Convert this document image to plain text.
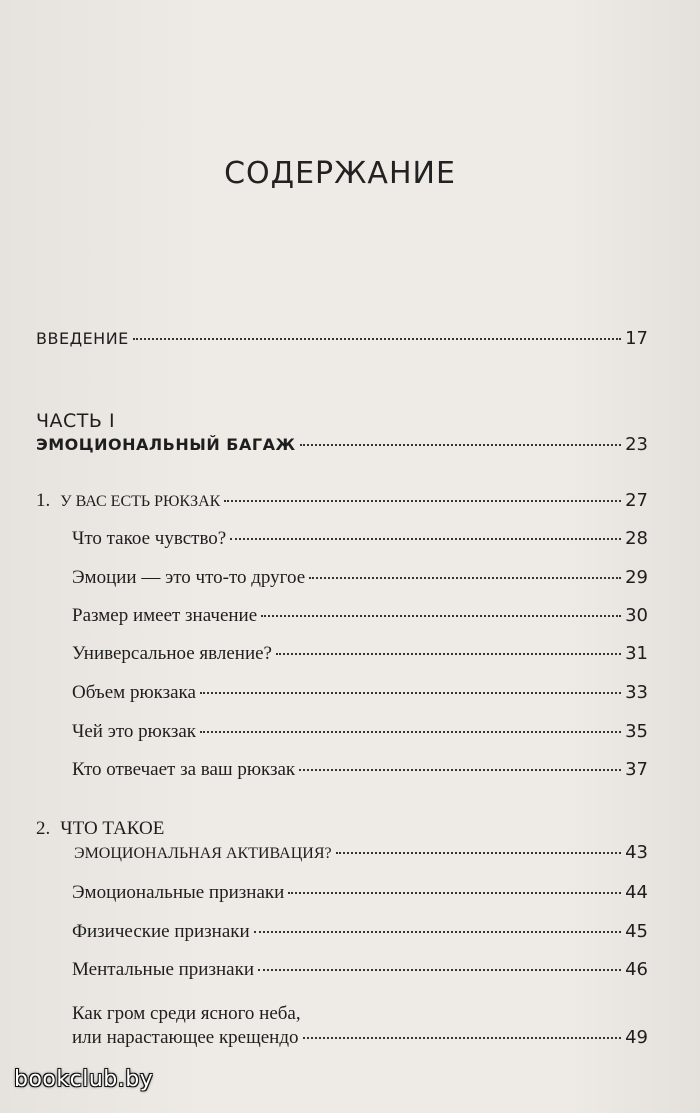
СОДЕРЖАНИЕ
ВВЕДЕНИЕ	17
ЧАСТЬ I
ЭМОЦИОНАЛЬНЫЙ БАГАЖ	23
1. У ВАС ЕСТЬ РЮКЗАК	27
Что такое чувство?	28
Эмоции — это что-то другое	29
Размер имеет значение	30
Универсальное явление?	31
Объем рюкзака	33
Чей это рюкзак	35
Кто отвечает за ваш рюкзак	37
2. ЧТО ТАКОЕ
ЭМОЦИОНАЛЬНАЯ АКТИВАЦИЯ?	43
Эмоциональные признаки	44
Физические признаки	45
Ментальные признаки	46
Как гром среди ясного неба,
или нарастающее крещендо	49
bookclub.by
